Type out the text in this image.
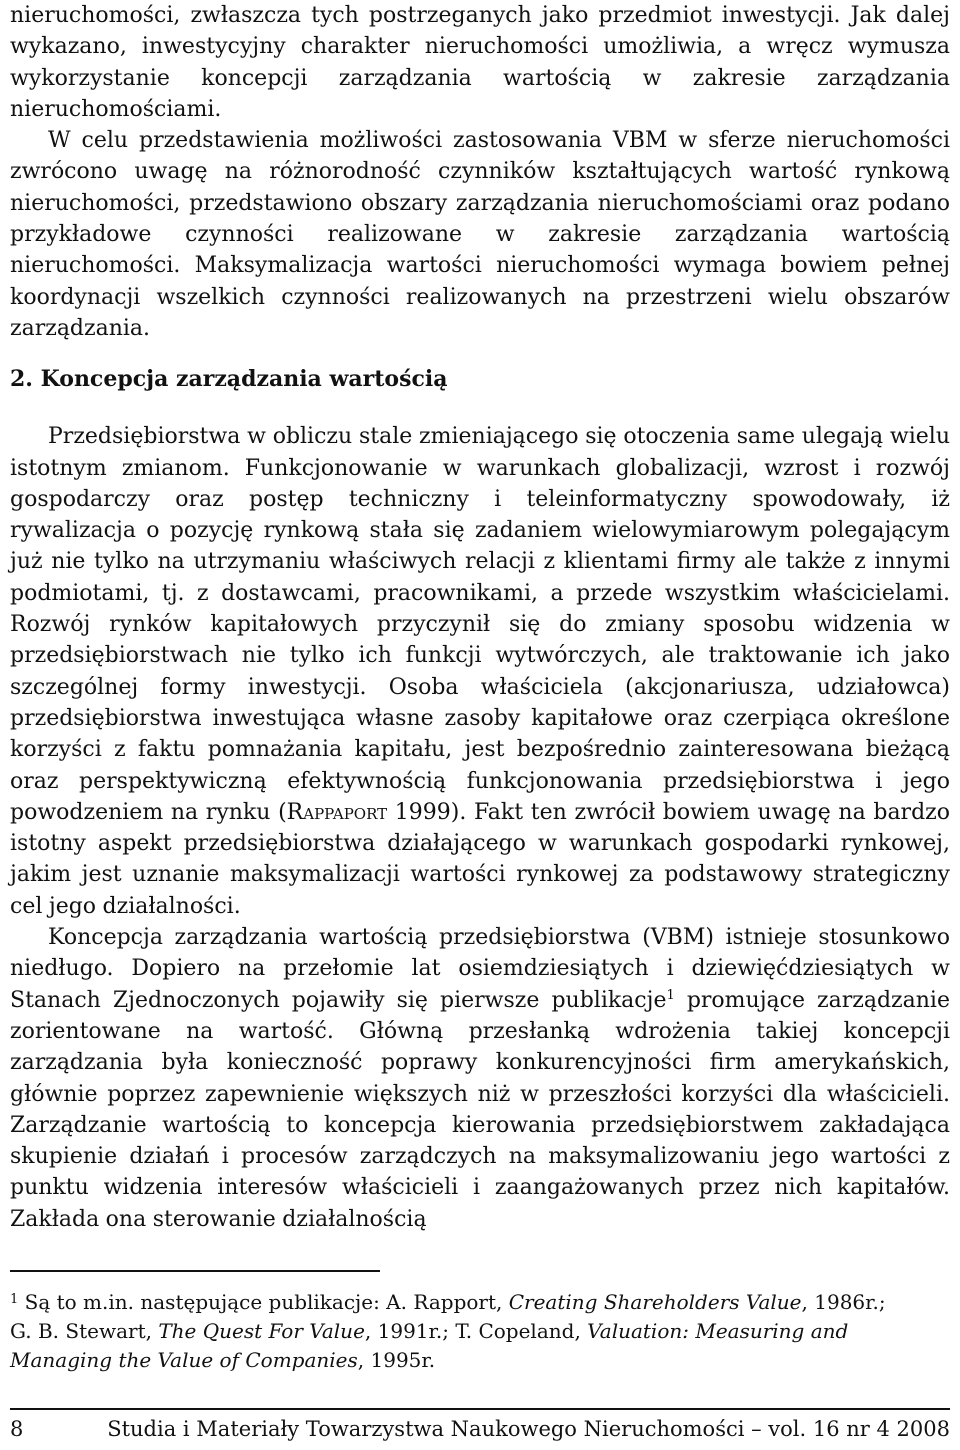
nieruchomości, zwłaszcza tych postrzeganych jako przedmiot inwestycji. Jak dalej wykazano, inwestycyjny charakter nieruchomości umożliwia, a wręcz wymusza wykorzystanie koncepcji zarządzania wartością w zakresie zarządzania nieruchomościami.

W celu przedstawienia możliwości zastosowania VBM w sferze nieruchomości zwrócono uwagę na różnorodność czynników kształtujących wartość rynkową nieruchomości, przedstawiono obszary zarządzania nieruchomościami oraz podano przykładowe czynności realizowane w zakresie zarządzania wartością nieruchomości. Maksymalizacja wartości nieruchomości wymaga bowiem pełnej koordynacji wszelkich czynności realizowanych na przestrzeni wielu obszarów zarządzania.

2. Koncepcja zarządzania wartością

Przedsiębiorstwa w obliczu stale zmieniającego się otoczenia same ulegają wielu istotnym zmianom. Funkcjonowanie w warunkach globalizacji, wzrost i rozwój gospodarczy oraz postęp techniczny i teleinformatyczny spowodowały, iż rywalizacja o pozycję rynkową stała się zadaniem wielowymiarowym polegającym już nie tylko na utrzymaniu właściwych relacji z klientami firmy ale także z innymi podmiotami, tj. z dostawcami, pracownikami, a przede wszystkim właścicielami. Rozwój rynków kapitałowych przyczynił się do zmiany sposobu widzenia w przedsiębiorstwach nie tylko ich funkcji wytwórczych, ale traktowanie ich jako szczególnej formy inwestycji. Osoba właściciela (akcjonariusza, udziałowca) przedsiębiorstwa inwestująca własne zasoby kapitałowe oraz czerpiąca określone korzyści z faktu pomnażania kapitału, jest bezpośrednio zainteresowana bieżącą oraz perspektywiczną efektywnością funkcjonowania przedsiębiorstwa i jego powodzeniem na rynku (Rappaport 1999). Fakt ten zwrócił bowiem uwagę na bardzo istotny aspekt przedsiębiorstwa działającego w warunkach gospodarki rynkowej, jakim jest uznanie maksymalizacji wartości rynkowej za podstawowy strategiczny cel jego działalności.

Koncepcja zarządzania wartością przedsiębiorstwa (VBM) istnieje stosunkowo niedługo. Dopiero na przełomie lat osiemdziesiątych i dziewięćdziesiątych w Stanach Zjednoczonych pojawiły się pierwsze publikacje$^1$ promujące zarządzanie zorientowane na wartość. Główną przesłanką wdrożenia takiej koncepcji zarządzania była konieczność poprawy konkurencyjności firm amerykańskich, głównie poprzez zapewnienie większych niż w przeszłości korzyści dla właścicieli. Zarządzanie wartością to koncepcja kierowania przedsiębiorstwem zakładająca skupienie działań i procesów zarządczych na maksymalizowaniu jego wartości z punktu widzenia interesów właścicieli i zaangażowanych przez nich kapitałów. Zakłada ona sterowanie działalnością

$^1$ Są to m.in. następujące publikacje: A. Rapport, Creating Shareholders Value, 1986r.; G. B. Stewart, The Quest For Value, 1991r.; T. Copeland, Valuation: Measuring and Managing the Value of Companies, 1995r.

8	Studia i Materiały Towarzystwa Naukowego Nieruchomości – vol. 16 nr 4 2008
